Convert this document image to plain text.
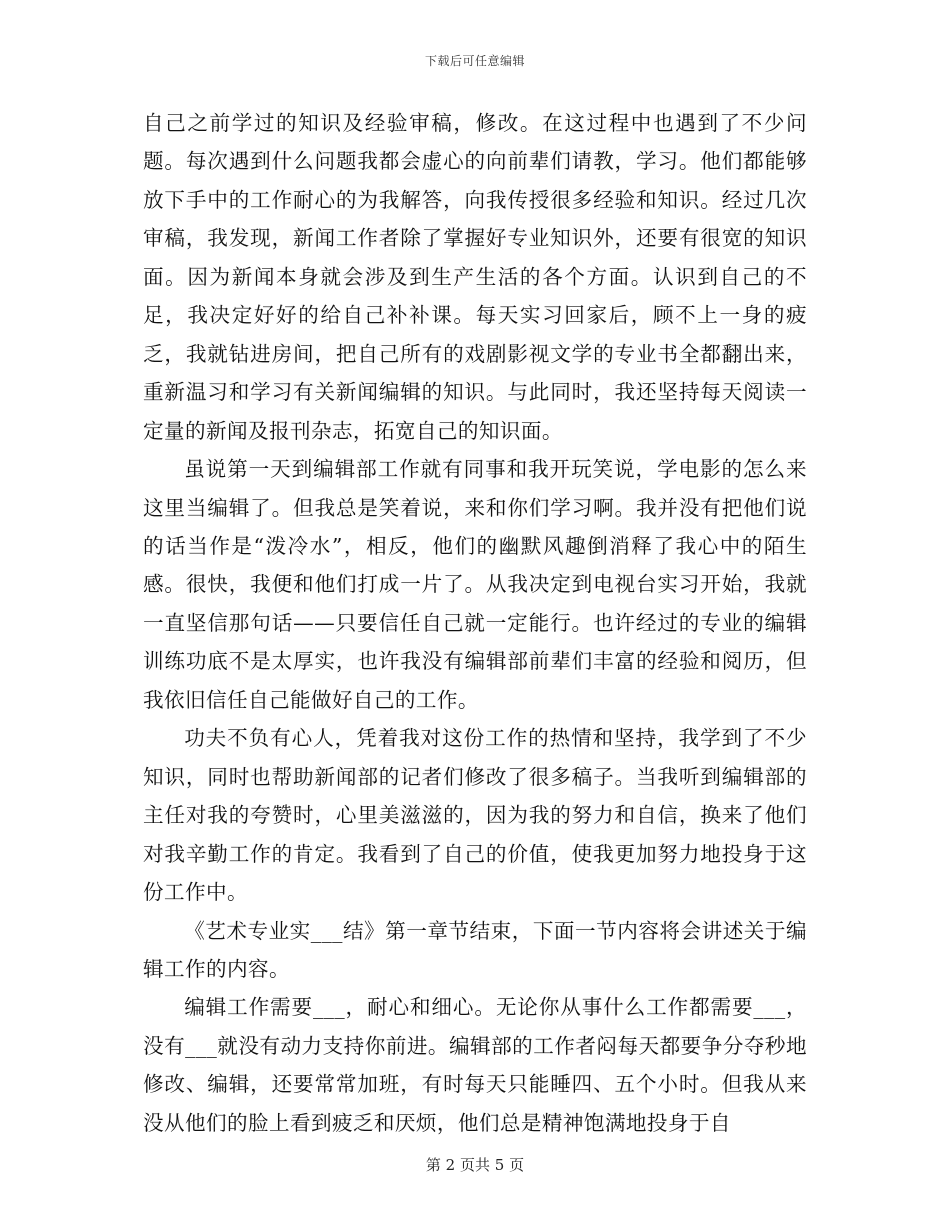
下载后可任意编辑

自己之前学过的知识及经验审稿，修改。在这过程中也遇到了不少问题。每次遇到什么问题我都会虚心的向前辈们请教，学习。他们都能够放下手中的工作耐心的为我解答，向我传授很多经验和知识。经过几次审稿，我发现，新闻工作者除了掌握好专业知识外，还要有很宽的知识面。因为新闻本身就会涉及到生产生活的各个方面。认识到自己的不足，我决定好好的给自己补补课。每天实习回家后，顾不上一身的疲乏，我就钻进房间，把自己所有的戏剧影视文学的专业书全都翻出来，重新温习和学习有关新闻编辑的知识。与此同时，我还坚持每天阅读一定量的新闻及报刊杂志，拓宽自己的知识面。

虽说第一天到编辑部工作就有同事和我开玩笑说，学电影的怎么来这里当编辑了。但我总是笑着说，来和你们学习啊。我并没有把他们说的话当作是“泼冷水”，相反，他们的幽默风趣倒消释了我心中的陌生感。很快，我便和他们打成一片了。从我决定到电视台实习开始，我就一直坚信那句话——只要信任自己就一定能行。也许经过的专业的编辑训练功底不是太厚实，也许我没有编辑部前辈们丰富的经验和阅历，但我依旧信任自己能做好自己的工作。

功夫不负有心人，凭着我对这份工作的热情和坚持，我学到了不少知识，同时也帮助新闻部的记者们修改了很多稿子。当我听到编辑部的主任对我的夸赞时，心里美滋滋的，因为我的努力和自信，换来了他们对我辛勤工作的肯定。我看到了自己的价值，使我更加努力地投身于这份工作中。

《艺术专业实___结》第一章节结束，下面一节内容将会讲述关于编辑工作的内容。

编辑工作需要___，耐心和细心。无论你从事什么工作都需要___，没有___就没有动力支持你前进。编辑部的工作者闷每天都要争分夺秒地修改、编辑，还要常常加班，有时每天只能睡四、五个小时。但我从来没从他们的脸上看到疲乏和厌烦，他们总是精神饱满地投身于自

第 2 页共 5 页
